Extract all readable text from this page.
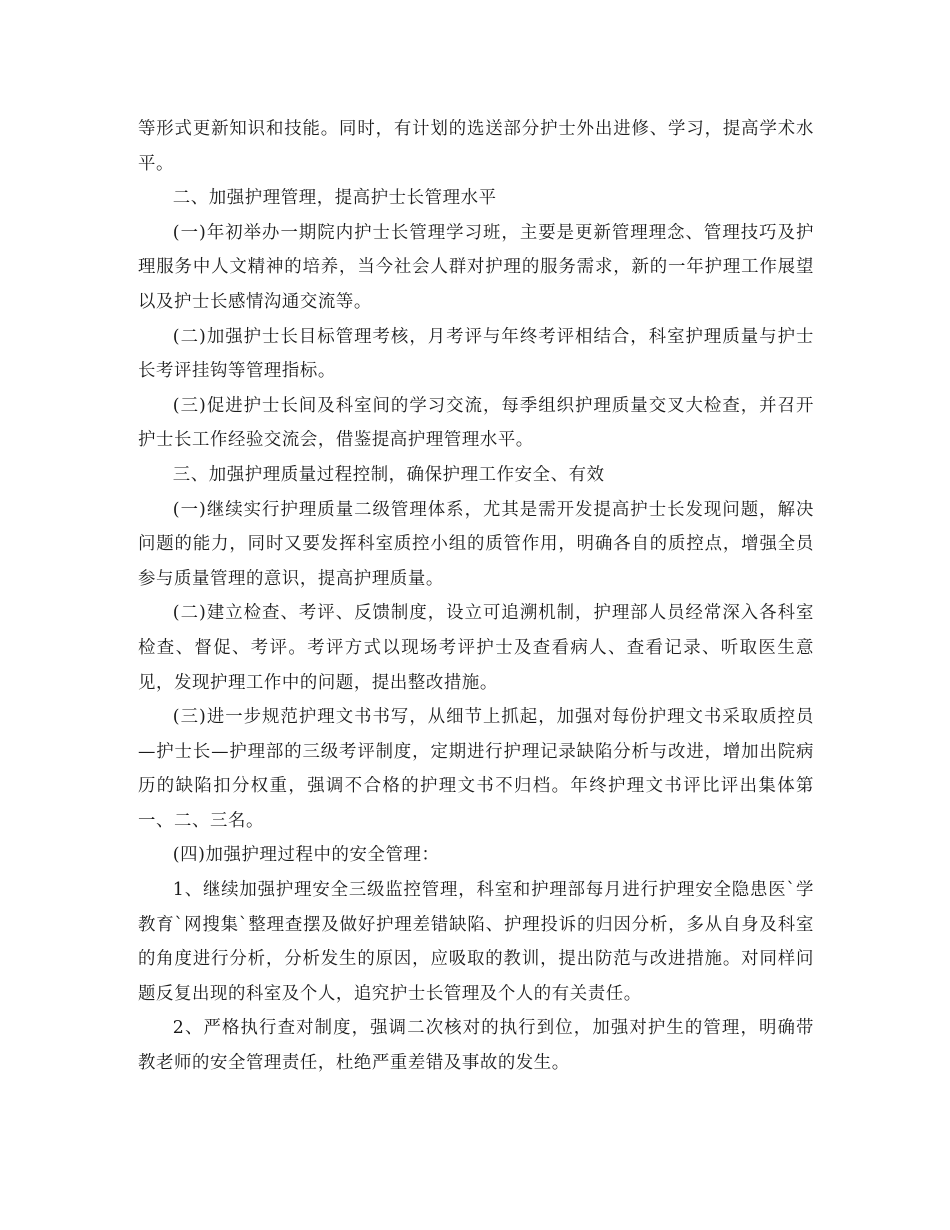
等形式更新知识和技能。同时，有计划的选送部分护士外出进修、学习，提高学术水平。

二、加强护理管理，提高护士长管理水平

(一)年初举办一期院内护士长管理学习班，主要是更新管理理念、管理技巧及护理服务中人文精神的培养，当今社会人群对护理的服务需求，新的一年护理工作展望以及护士长感情沟通交流等。

(二)加强护士长目标管理考核，月考评与年终考评相结合，科室护理质量与护士长考评挂钩等管理指标。

(三)促进护士长间及科室间的学习交流，每季组织护理质量交叉大检查，并召开护士长工作经验交流会，借鉴提高护理管理水平。

三、加强护理质量过程控制，确保护理工作安全、有效

(一)继续实行护理质量二级管理体系，尤其是需开发提高护士长发现问题，解决问题的能力，同时又要发挥科室质控小组的质管作用，明确各自的质控点，增强全员参与质量管理的意识，提高护理质量。

(二)建立检查、考评、反馈制度，设立可追溯机制，护理部人员经常深入各科室检查、督促、考评。考评方式以现场考评护士及查看病人、查看记录、听取医生意见，发现护理工作中的问题，提出整改措施。

(三)进一步规范护理文书书写，从细节上抓起，加强对每份护理文书采取质控员—护士长—护理部的三级考评制度，定期进行护理记录缺陷分析与改进，增加出院病历的缺陷扣分权重，强调不合格的护理文书不归档。年终护理文书评比评出集体第一、二、三名。

(四)加强护理过程中的安全管理：

1、继续加强护理安全三级监控管理，科室和护理部每月进行护理安全隐患医`学教育`网搜集`整理查摆及做好护理差错缺陷、护理投诉的归因分析，多从自身及科室的角度进行分析，分析发生的原因，应吸取的教训，提出防范与改进措施。对同样问题反复出现的科室及个人，追究护士长管理及个人的有关责任。

2、严格执行查对制度，强调二次核对的执行到位，加强对护生的管理，明确带教老师的安全管理责任，杜绝严重差错及事故的发生。
